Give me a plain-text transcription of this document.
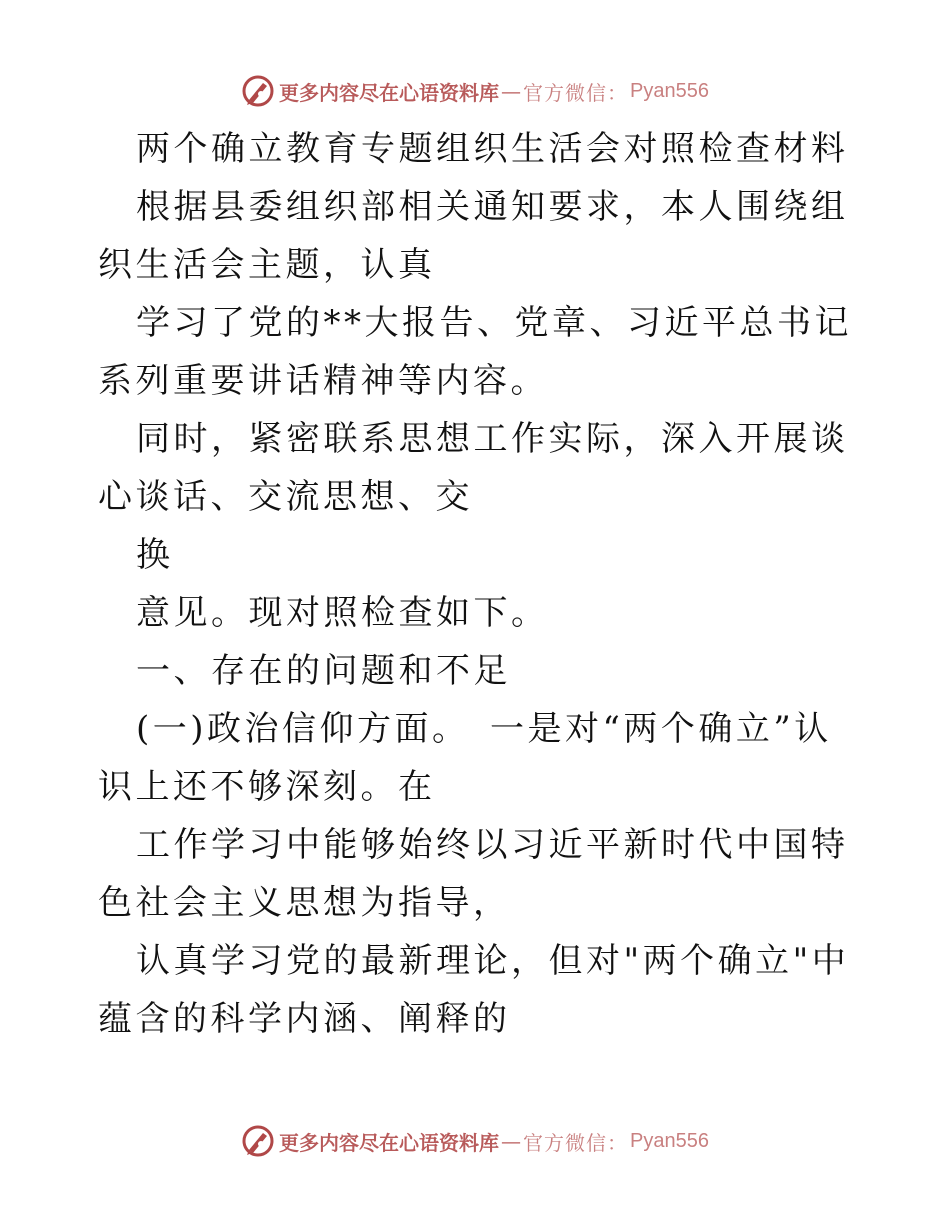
更多内容尽在心语资料库 — 官方微信： Pyan556

两个确立教育专题组织生活会对照检查材料

根据县委组织部相关通知要求，本人围绕组织生活会主题，认真

学习了党的**大报告、党章、习近平总书记系列重要讲话精神等内容。

同时，紧密联系思想工作实际，深入开展谈心谈话、交流思想、交

换

意见。现对照检查如下。

一、存在的问题和不足

(一)政治信仰方面。　一是对“两个确立”认识上还不够深刻。在

工作学习中能够始终以习近平新时代中国特色社会主义思想为指导，

认真学习党的最新理论，但对"两个确立"中蕴含的科学内涵、阐释的

更多内容尽在心语资料库 — 官方微信： Pyan556
